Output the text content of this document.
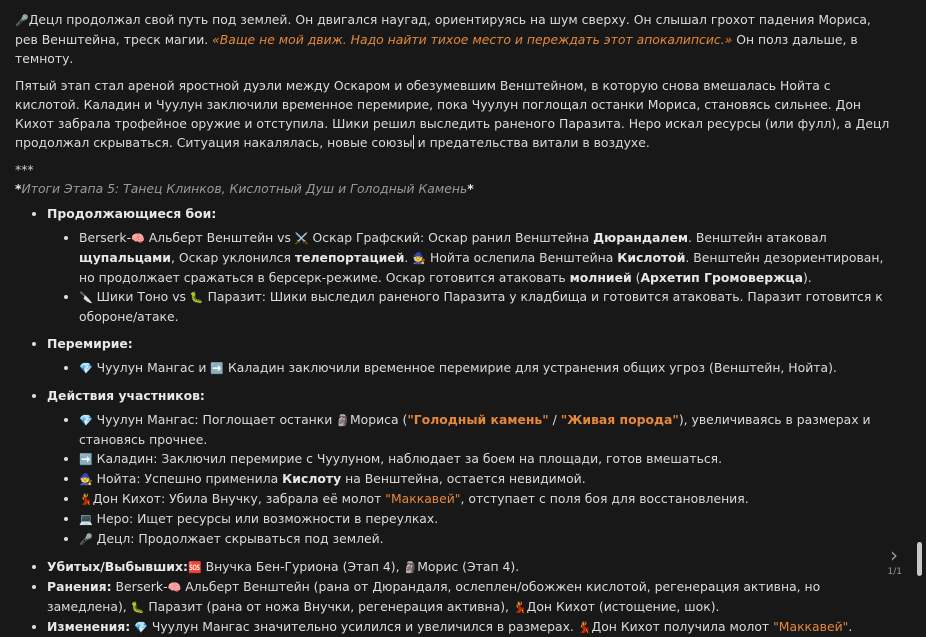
🎤Децл продолжал свой путь под землей. Он двигался наугад, ориентируясь на шум сверху. Он слышал грохот падения Мориса, рев Венштейна, треск магии. «Ваще не мой движ. Надо найти тихое место и переждать этот апокалипсис.» Он полз дальше, в темноту.

Пятый этап стал ареной яростной дуэли между Оскаром и обезумевшим Венштейном, в которую снова вмешалась Нойта с кислотой. Каладин и Чуулун заключили временное перемирие, пока Чуулун поглощал останки Мориса, становясь сильнее. Дон Кихот забрала трофейное оружие и отступила. Шики решил выследить раненого Паразита. Неро искал ресурсы (или фулл), а Децл продолжал скрываться. Ситуация накалялась, новые союзы и предательства витали в воздухе.

***
*Итоги Этапа 5: Танец Клинков, Кислотный Душ и Голодный Камень*
• Продолжающиеся бои:
• Berserk-🧠 Альберт Венштейн vs ⚔️ Оскар Графский: Оскар ранил Венштейна Дюрандалем. Венштейн атаковал щупальцами, Оскар уклонился телепортацией. 🧙 Нойта ослепила Венштейна Кислотой. Венштейн дезориентирован, но продолжает сражаться в берсерк-режиме. Оскар готовится атаковать молнией (Архетип Громовержца).
• 🔪 Шики Тоно vs 🐛 Паразит: Шики выследил раненого Паразита у кладбища и готовится атаковать. Паразит готовится к обороне/атаке.
• Перемирие:
• 💎 Чуулун Мангас и ➡️ Каладин заключили временное перемирие для устранения общих угроз (Венштейн, Нойта).
• Действия участников:
• 💎 Чуулун Мангас: Поглощает останки 🗿Мориса ("Голодный камень" / "Живая порода"), увеличиваясь в размерах и становясь прочнее.
• ➡️ Каладин: Заключил перемирие с Чуулуном, наблюдает за боем на площади, готов вмешаться.
• 🧙 Нойта: Успешно применила Кислоту на Венштейна, остается невидимой.
• 💃Дон Кихот: Убила Внучку, забрала её молот "Маккавей", отступает с поля боя для восстановления.
• 💻 Неро: Ищет ресурсы или возможности в переулках.
• 🎤 Децл: Продолжает скрываться под землей.
• Убитых/Выбывших:🆘 Внучка Бен-Гуриона (Этап 4), 🗿Морис (Этап 4).
• Ранения: Berserk-🧠 Альберт Венштейн (рана от Дюрандаля, ослеплен/обожжен кислотой, регенерация активна, но замедлена), 🐛 Паразит (рана от ножа Внучки, регенерация активна), 💃Дон Кихот (истощение, шок).
• Изменения: 💎 Чуулун Мангас значительно усилился и увеличился в размерах. 💃Дон Кихот получила молот "Маккавей".
›
1/1
